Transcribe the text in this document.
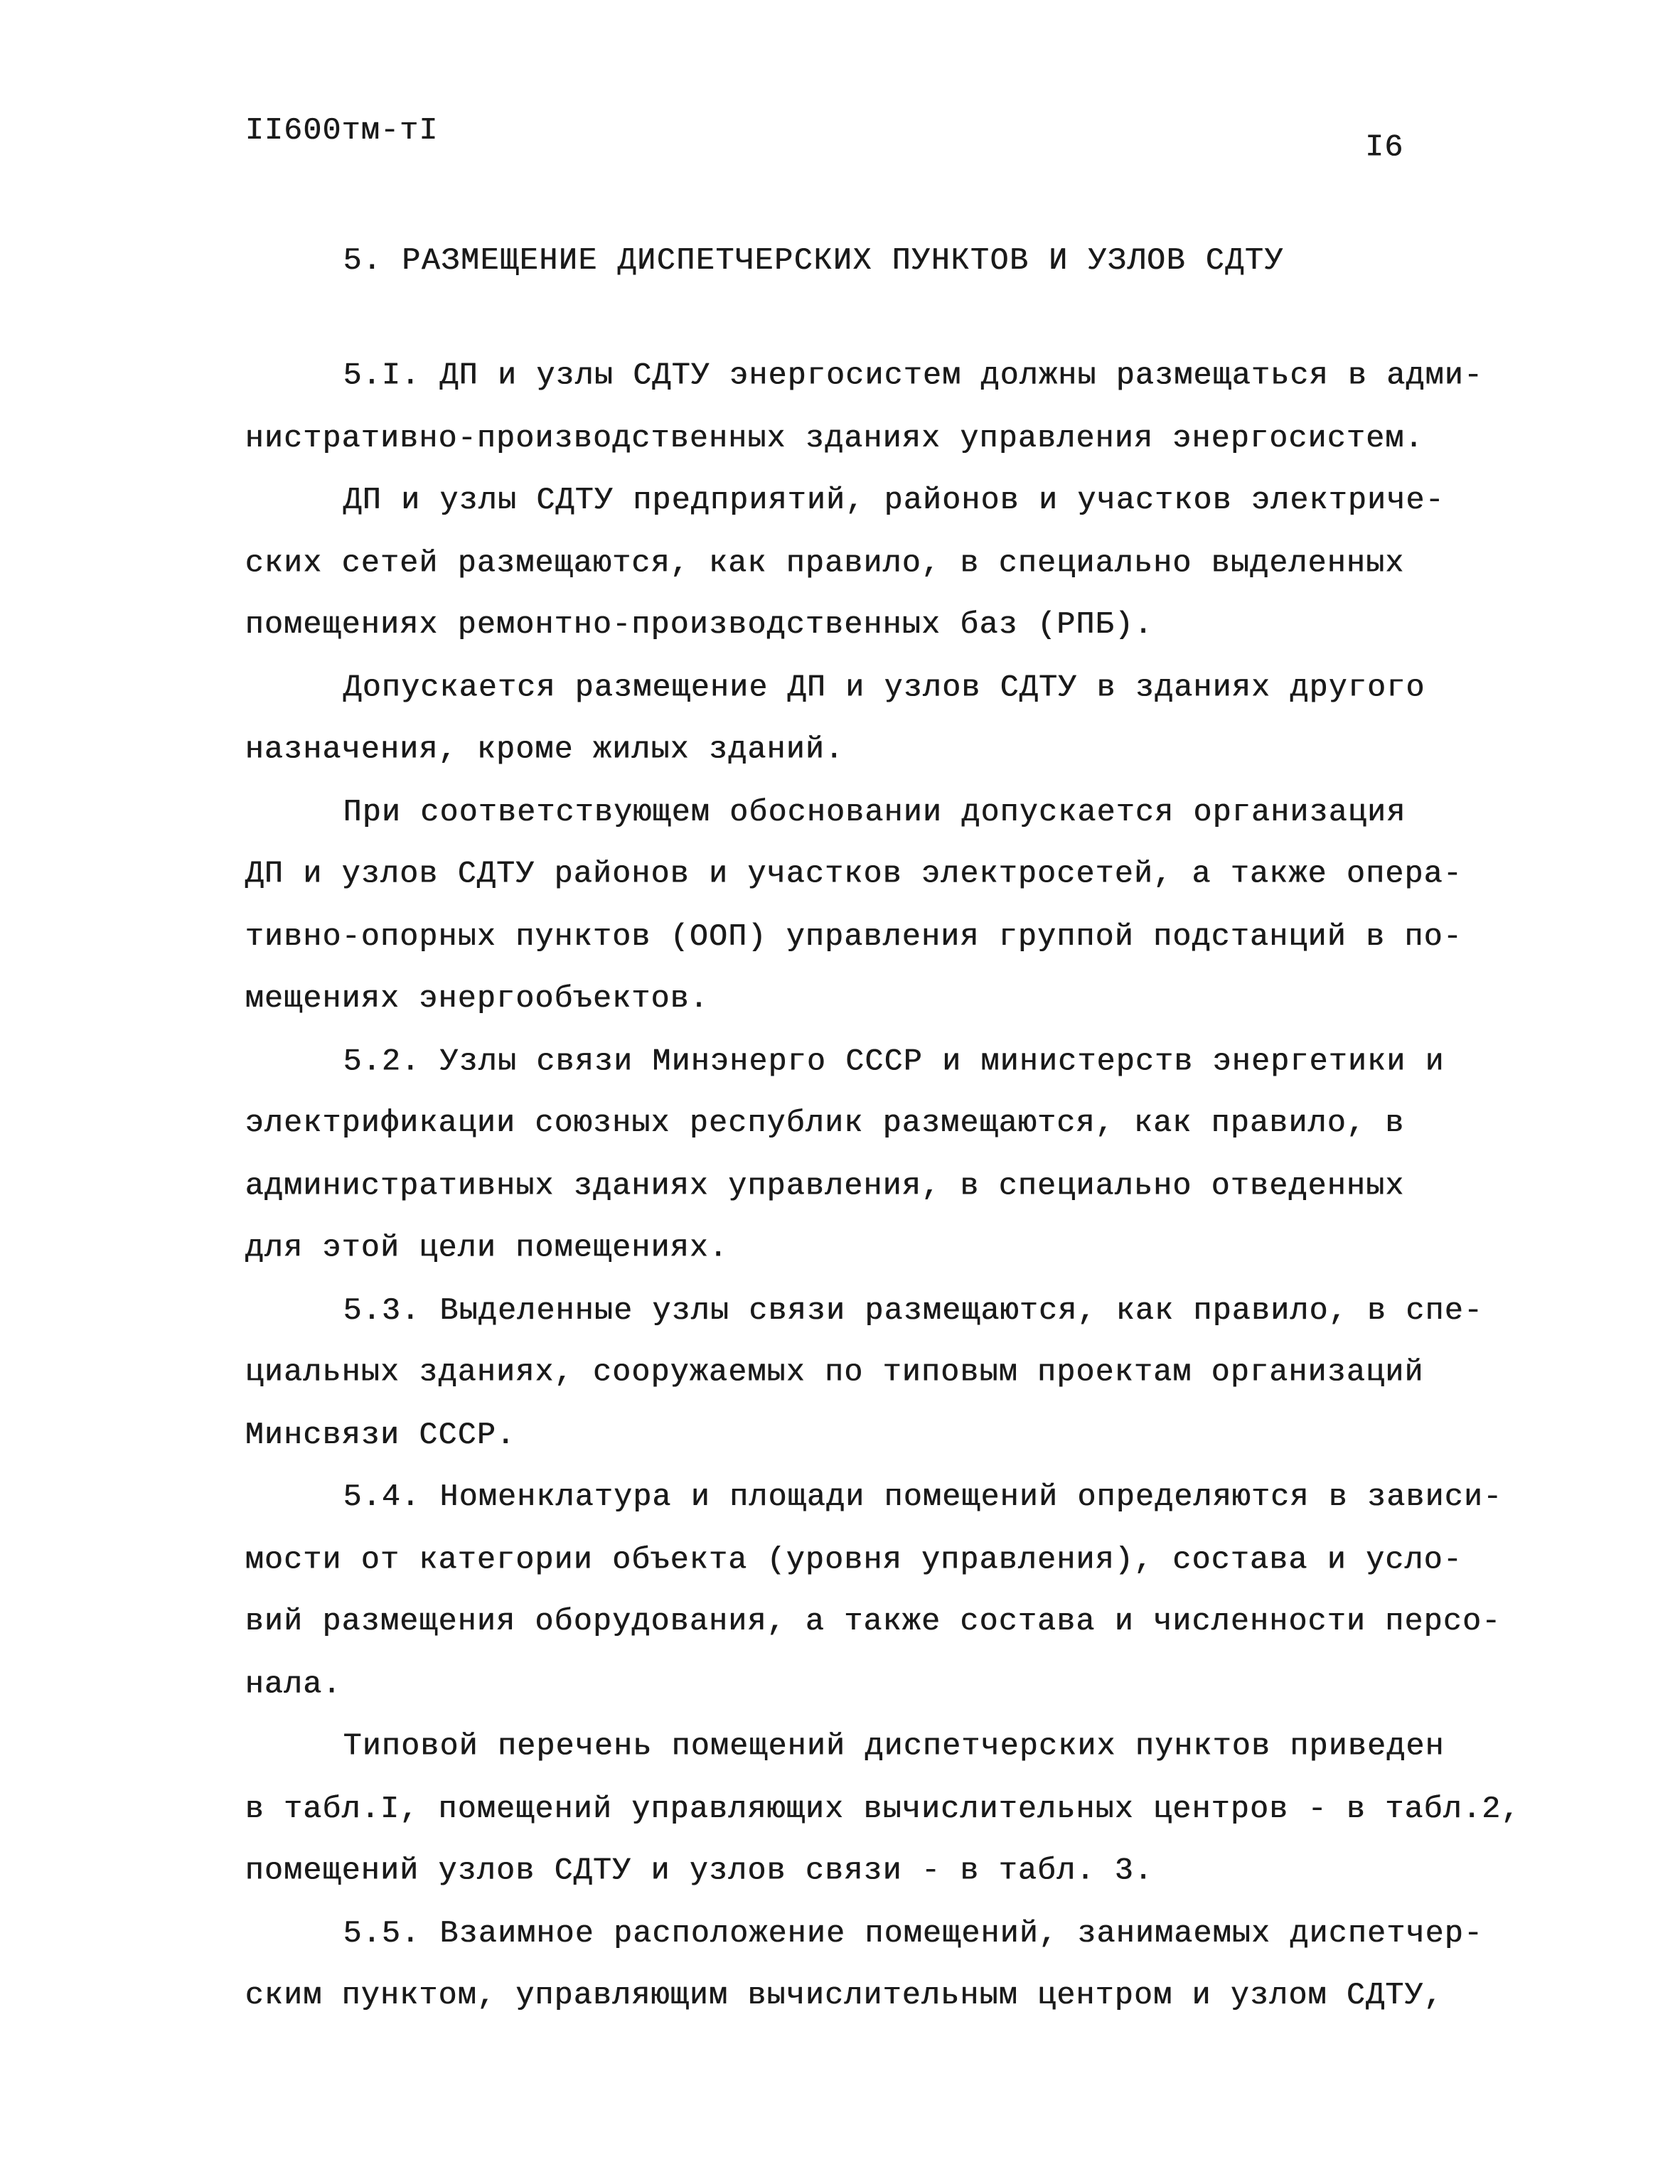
II600тм-тI	I6
5. РАЗМЕЩЕНИЕ ДИСПЕТЧЕРСКИХ ПУНКТОВ И УЗЛОВ СДТУ
5.I. ДП и узлы СДТУ энергосистем должны размещаться в адми-
нистративно-производственных зданиях управления энергосистем.
ДП и узлы СДТУ предприятий, районов и участков электриче-
ских сетей размещаются, как правило, в специально выделенных
помещениях ремонтно-производственных баз (РПБ).
Допускается размещение ДП и узлов СДТУ в зданиях другого
назначения, кроме жилых зданий.
При соответствующем обосновании допускается организация
ДП и узлов СДТУ районов и участков электросетей, а также опера-
тивно-опорных пунктов (ООП) управления группой подстанций в по-
мещениях энергообъектов.
5.2. Узлы связи Минэнерго СССР и министерств энергетики и
электрификации союзных республик размещаются, как правило, в
административных зданиях управления, в специально отведенных
для этой цели помещениях.
5.3. Выделенные узлы связи размещаются, как правило, в спе-
циальных зданиях, сооружаемых по типовым проектам организаций
Минсвязи СССР.
5.4. Номенклатура и площади помещений определяются в зависи-
мости от категории объекта (уровня управления), состава и усло-
вий размещения оборудования, а также состава и численности персо-
нала.
Типовой перечень помещений диспетчерских пунктов приведен
в табл.I, помещений управляющих вычислительных центров - в табл.2,
помещений узлов СДТУ и узлов связи - в табл. 3.
5.5. Взаимное расположение помещений, занимаемых диспетчер-
ским пунктом, управляющим вычислительным центром и узлом СДТУ,
